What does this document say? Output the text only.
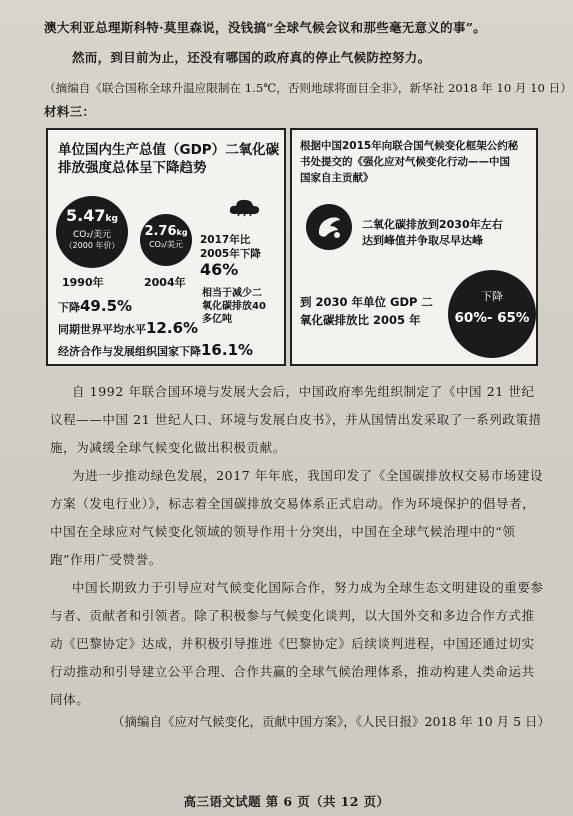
澳大利亚总理斯科特·莫里森说，没钱搞“全球气候会议和那些毫无意义的事”。
然而，到目前为止，还没有哪国的政府真的停止气候防控努力。
（摘编自《联合国称全球升温应限制在 1.5℃，否则地球将面目全非》，新华社 2018 年 10 月 10 日）
材料三：
单位国内生产总值（GDP）二氧化碳
排放强度总体呈下降趋势
5.47kg
CO₂/美元
（2000 年价）
2.76kg
CO₂/美元	2017年比
2005年下降
46%
1990年	2004年
相当于减少二
氧化碳排放40
多亿吨
下降49.5%
同期世界平均水平12.6%
经济合作与发展组织国家下降16.1%
根据中国2015年向联合国气候变化框架公约秘
书处提交的《强化应对气候变化行动——中国
国家自主贡献》
二氧化碳排放到2030年左右
达到峰值并争取尽早达峰
到 2030 年单位 GDP 二
氧化碳排放比 2005 年
下降
60%- 65%
自 1992 年联合国环境与发展大会后，中国政府率先组织制定了《中国 21 世纪议程——中国 21 世纪人口、环境与发展白皮书》，并从国情出发采取了一系列政策措施，为减缓全球气候变化做出积极贡献。
为进一步推动绿色发展，2017 年年底，我国印发了《全国碳排放权交易市场建设方案（发电行业）》，标志着全国碳排放交易体系正式启动。作为环境保护的倡导者，中国在全球应对气候变化领域的领导作用十分突出，中国在全球气候治理中的“领跑”作用广受赞誉。
中国长期致力于引导应对气候变化国际合作，努力成为全球生态文明建设的重要参与者、贡献者和引领者。除了积极参与气候变化谈判，以大国外交和多边合作方式推动《巴黎协定》达成，并积极引导推进《巴黎协定》后续谈判进程，中国还通过切实行动推动和引导建立公平合理、合作共赢的全球气候治理体系，推动构建人类命运共同体。
（摘编自《应对气候变化，贡献中国方案》，《人民日报》2018 年 10 月 5 日）
高三语文试题 第 6 页（共 12 页）
